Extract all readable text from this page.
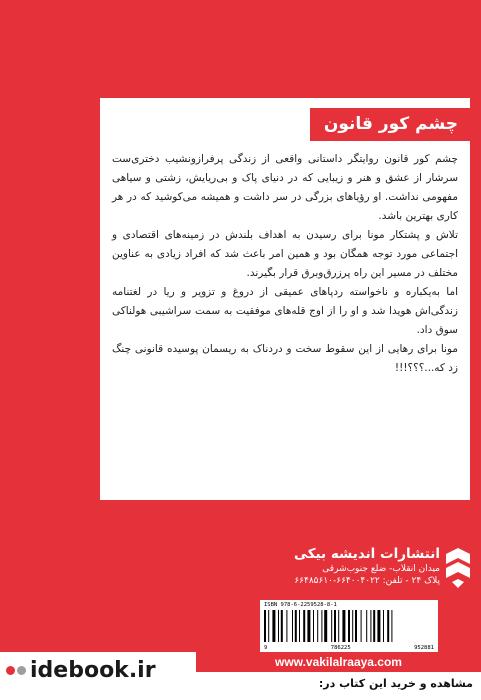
چشم کور قانون

چشم کور قانون روایتگر داستانی واقعی از زندگی پرفرازونشیب دختری‌ست سرشار از عشق و هنر و زیبایی که در دنیای پاک و بی‌ریایش، زشتی و سیاهی مفهومی نداشت. او رؤیاهای بزرگی در سر داشت و همیشه می‌کوشید که در هر کاری بهترین باشد.

تلاش و پشتکار مونا برای رسیدن به اهداف بلندش در زمینه‌های اقتصادی و اجتماعی مورد توجه همگان بود و همین امر باعث شد که افراد زیادی به عناوین مختلف در مسیر این راه پرزرق‌وبرق قرار بگیرند.

اما به‌یکباره و ناخواسته ردپاهای عمیقی از دروغ و تزویر و ریا در لغتنامه زندگی‌اش هویدا شد و او را از اوج قله‌های موفقیت به سمت سراشیبی هولناکی سوق داد.

مونا برای رهایی از این سقوط سخت و دردناک به ریسمان پوسیده قانونی چنگ زد که...؟؟؟!!!

انتشارات اندیشه بیکی
میدان انقلاب- ضلع جنوب‌شرقی
پلاک ۲۴ - تلفن: ۶۶۴۰۰۴۰۲۲-۶۶۴۸۵۶۱۰
ISBN 978-6-2259528-8-1
9	786225	952881
idebook.ir	www.vakilalraaya.com
مشاهده و خرید این کتاب در:
